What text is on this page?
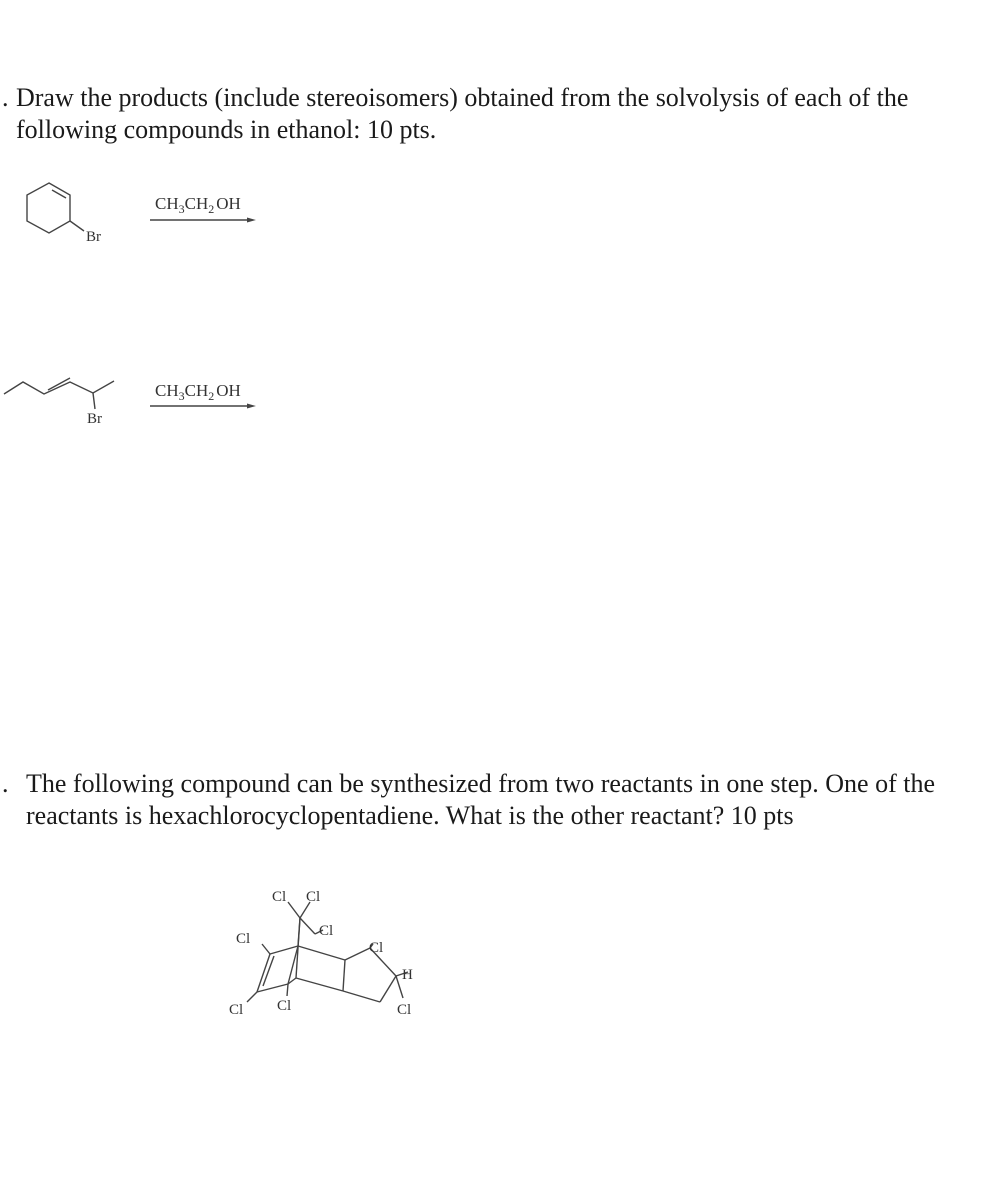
. Draw the products (include stereoisomers) obtained from the solvolysis of each of the
following compounds in ethanol: 10 pts.
Br
$CH_3CH_2$ OH
Br
$CH_3CH_2$ OH
. The following compound can be synthesized from two reactants in one step. One of the
reactants is hexachlorocyclopentadiene. What is the other reactant? 10 pts
Cl Cl
Cl
Cl
Cl
H
Cl Cl	Cl
